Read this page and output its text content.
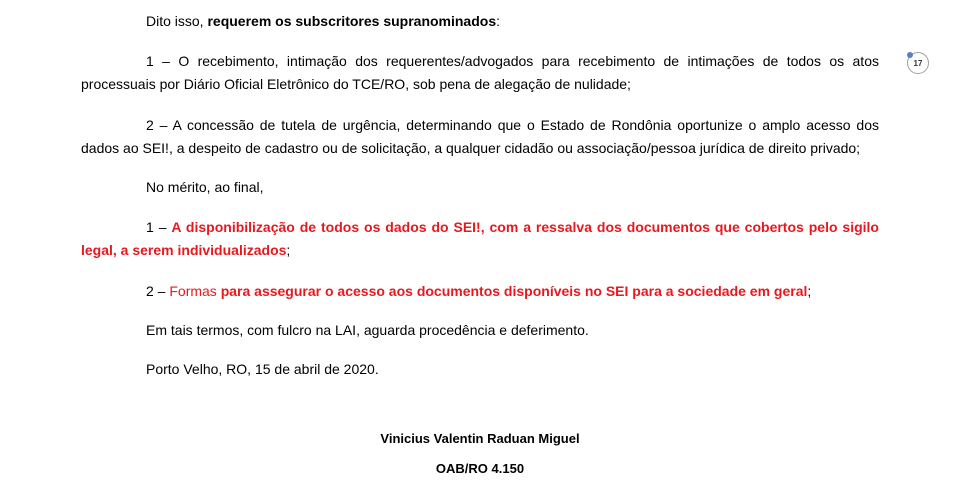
Dito isso, requerem os subscritores supranominados:

1 – O recebimento, intimação dos requerentes/advogados para recebimento de intimações de todos os atos processuais por Diário Oficial Eletrônico do TCE/RO, sob pena de alegação de nulidade;

2 – A concessão de tutela de urgência, determinando que o Estado de Rondônia oportunize o amplo acesso dos dados ao SEI!, a despeito de cadastro ou de solicitação, a qualquer cidadão ou associação/pessoa jurídica de direito privado;

No mérito, ao final,

1 – A disponibilização de todos os dados do SEI!, com a ressalva dos documentos que cobertos pelo sigilo legal, a serem individualizados;

2 – Formas para assegurar o acesso aos documentos disponíveis no SEI para a sociedade em geral;

Em tais termos, com fulcro na LAI, aguarda procedência e deferimento.

Porto Velho, RO, 15 de abril de 2020.

Vinicius Valentin Raduan Miguel

OAB/RO 4.150

17
